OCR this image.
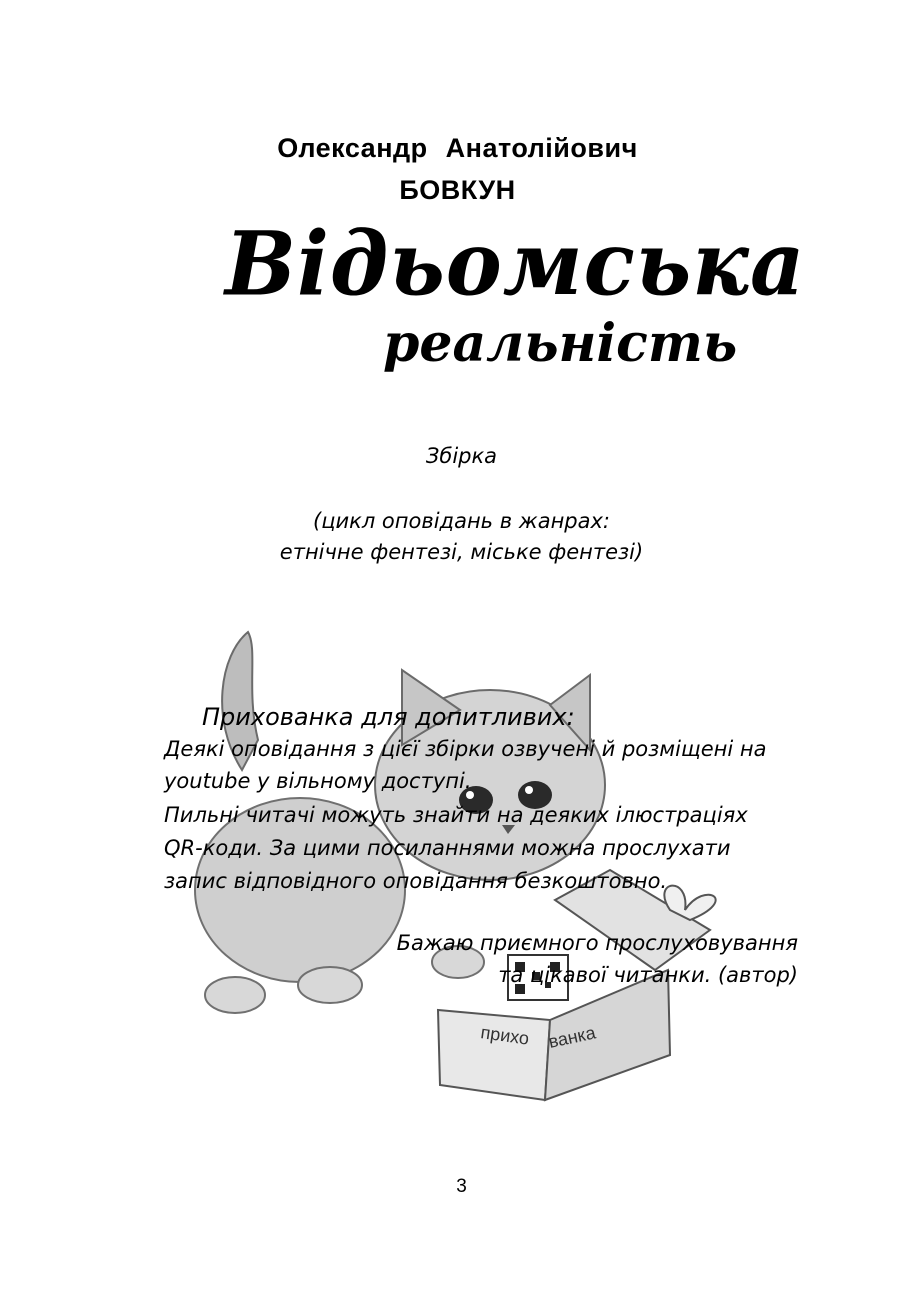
Олександр Анатолійович
БОВКУН
Відьомська
реальність
Збірка
(цикл оповідань в жанрах:
етнічне фентезі, міське фентезі)
прихо ванка
Прихованка для допитливих:
Деякі оповідання з цієї збірки озвучені й розміщені на
youtube у вільному доступі.
Пильні читачі можуть знайти на деяких ілюстраціях
QR-коди. За цими посиланнями можна прослухати
запис відповідного оповідання безкоштовно.
Бажаю приємного прослуховування
та цікавої читанки. (автор)
3
